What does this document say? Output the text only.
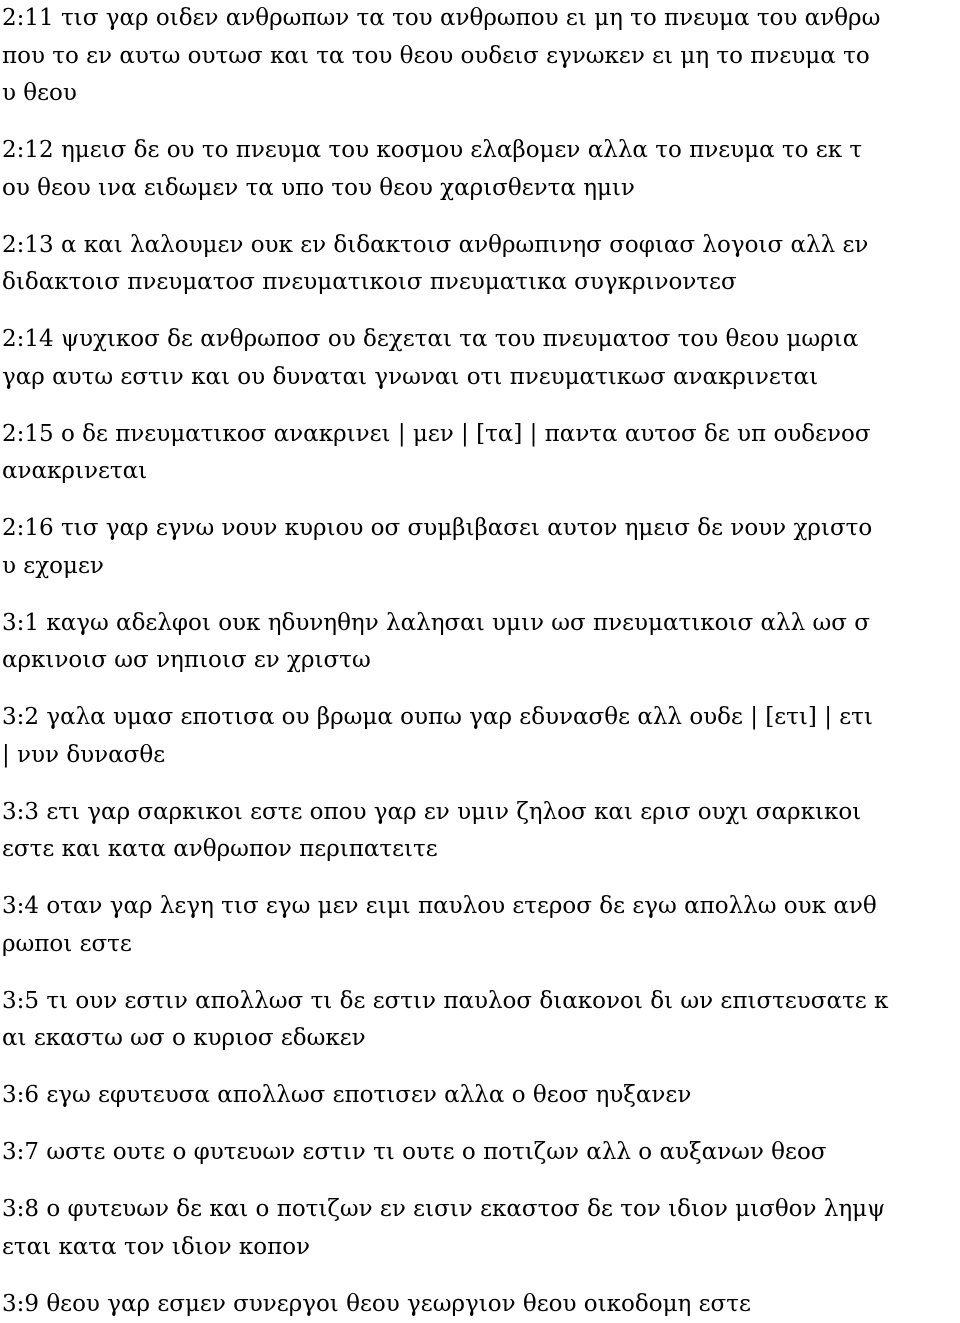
2:11 τισ γαρ οιδεν ανθρωπων τα του ανθρωπου ει μη το πνευμα του ανθρω
που το εν αυτω ουτωσ και τα του θεου ουδεισ εγνωκεν ει μη το πνευμα το
υ θεου
2:12 ημεισ δε ου το πνευμα του κοσμου ελαβομεν αλλα το πνευμα το εκ τ
ου θεου ινα ειδωμεν τα υπο του θεου χαρισθεντα ημιν
2:13 α και λαλουμεν ουκ εν διδακτοισ ανθρωπινησ σοφιασ λογοισ αλλ εν
διδακτοισ πνευματοσ πνευματικοισ πνευματικα συγκρινοντεσ
2:14 ψυχικοσ δε ανθρωποσ ου δεχεται τα του πνευματοσ του θεου μωρια
γαρ αυτω εστιν και ου δυναται γνωναι οτι πνευματικωσ ανακρινεται
2:15 ο δε πνευματικοσ ανακρινει | μεν | [τα] | παντα αυτοσ δε υπ ουδενοσ
ανακρινεται
2:16 τισ γαρ εγνω νουν κυριου οσ συμβιβασει αυτον ημεισ δε νουν χριστο
υ εχομεν
3:1 καγω αδελφοι ουκ ηδυνηθην λαλησαι υμιν ωσ πνευματικοισ αλλ ωσ σ
αρκινοισ ωσ νηπιοισ εν χριστω
3:2 γαλα υμασ εποτισα ου βρωμα ουπω γαρ εδυνασθε αλλ ουδε | [ετι] | ετι
| νυν δυνασθε
3:3 ετι γαρ σαρκικοι εστε οπου γαρ εν υμιν ζηλοσ και ερισ ουχι σαρκικοι
εστε και κατα ανθρωπον περιπατειτε
3:4 οταν γαρ λεγη τισ εγω μεν ειμι παυλου ετεροσ δε εγω απολλω ουκ ανθ
ρωποι εστε
3:5 τι ουν εστιν απολλωσ τι δε εστιν παυλοσ διακονοι δι ων επιστευσατε κ
αι εκαστω ωσ ο κυριοσ εδωκεν
3:6 εγω εφυτευσα απολλωσ εποτισεν αλλα ο θεοσ ηυξανεν
3:7 ωστε ουτε ο φυτευων εστιν τι ουτε ο ποτιζων αλλ ο αυξανων θεοσ
3:8 ο φυτευων δε και ο ποτιζων εν εισιν εκαστοσ δε τον ιδιον μισθον λημψ
εται κατα τον ιδιον κοπον
3:9 θεου γαρ εσμεν συνεργοι θεου γεωργιον θεου οικοδομη εστε
